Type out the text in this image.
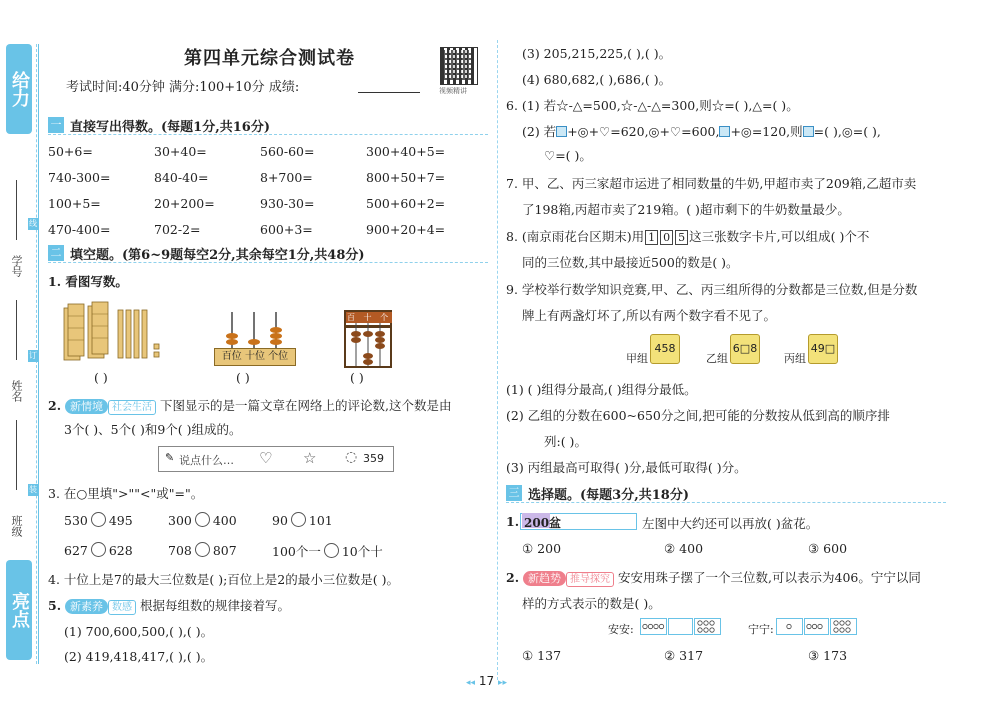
给力
亮点
学号
姓名
班级
线
订
装
第四单元综合测试卷
考试时间:40分钟 满分:100+10分 成绩:	视频精讲
一 直接写出得数。(每题1分,共16分)
50+6=	30+40=	560-60=	300+40+5=
740-300=	840-40=	8+700=	800+50+7=
100+5=	20+200=	930-30=	500+60+2=
470-400=	702-2=	600+3=	900+20+4=
二 填空题。(第6~9题每空2分,其余每空1分,共48分)
1. 看图写数。
( )
百位 十位 个位
( )
百 十 个
( )
2. 新情境 社会生活 下图显示的是一篇文章在网络上的评论数,这个数是由
3个( )、5个( )和9个( )组成的。
✎ 说点什么… ♡ ☆ ◌ 359
3. 在○里填">""<"或"="。
530 495	300 400	90 101
627 628	708 807	100个一 10个十
4. 十位上是7的最大三位数是( );百位上是2的最小三位数是( )。
5. 新素养 数感 根据每组数的规律接着写。
(1) 700,600,500,( ),( )。
(2) 419,418,417,( ),( )。
(3) 205,215,225,( ),( )。
(4) 680,682,( ),686,( )。
6. (1) 若☆-△=500,☆-△-△=300,则☆=( ),△=( )。
(2) 若 +◎+♡=620,◎+♡=600, +◎=120,则 =( ),◎=( ),
♡=( )。
7. 甲、乙、丙三家超市运进了相同数量的牛奶,甲超市卖了209箱,乙超市卖
了198箱,丙超市卖了219箱。( )超市剩下的牛奶数量最少。
8. (南京雨花台区期末)用 1 0 5 这三张数字卡片,可以组成( )个不
同的三位数,其中最接近500的数是( )。
9. 学校举行数学知识竞赛,甲、乙、丙三组所得的分数都是三位数,但是分数
牌上有两盏灯坏了,所以有两个数字看不见了。
甲组
458
乙组
6□8
丙组
49□
(1) ( )组得分最高,( )组得分最低。
(2) 乙组的分数在600~650分之间,把可能的分数按从低到高的顺序排
列:( )。
(3) 丙组最高可取得( )分,最低可取得( )分。
三 选择题。(每题3分,共18分)
1. 200盆	左图中大约还可以再放( )盆花。
① 200	② 400	③ 600
2. 新趋势 推导探究 安安用珠子摆了一个三位数,可以表示为406。宁宁以同
样的方式表示的数是( )。
安安:	宁宁:
① 137	② 317	③ 173
◂◂ 17 ▸▸
